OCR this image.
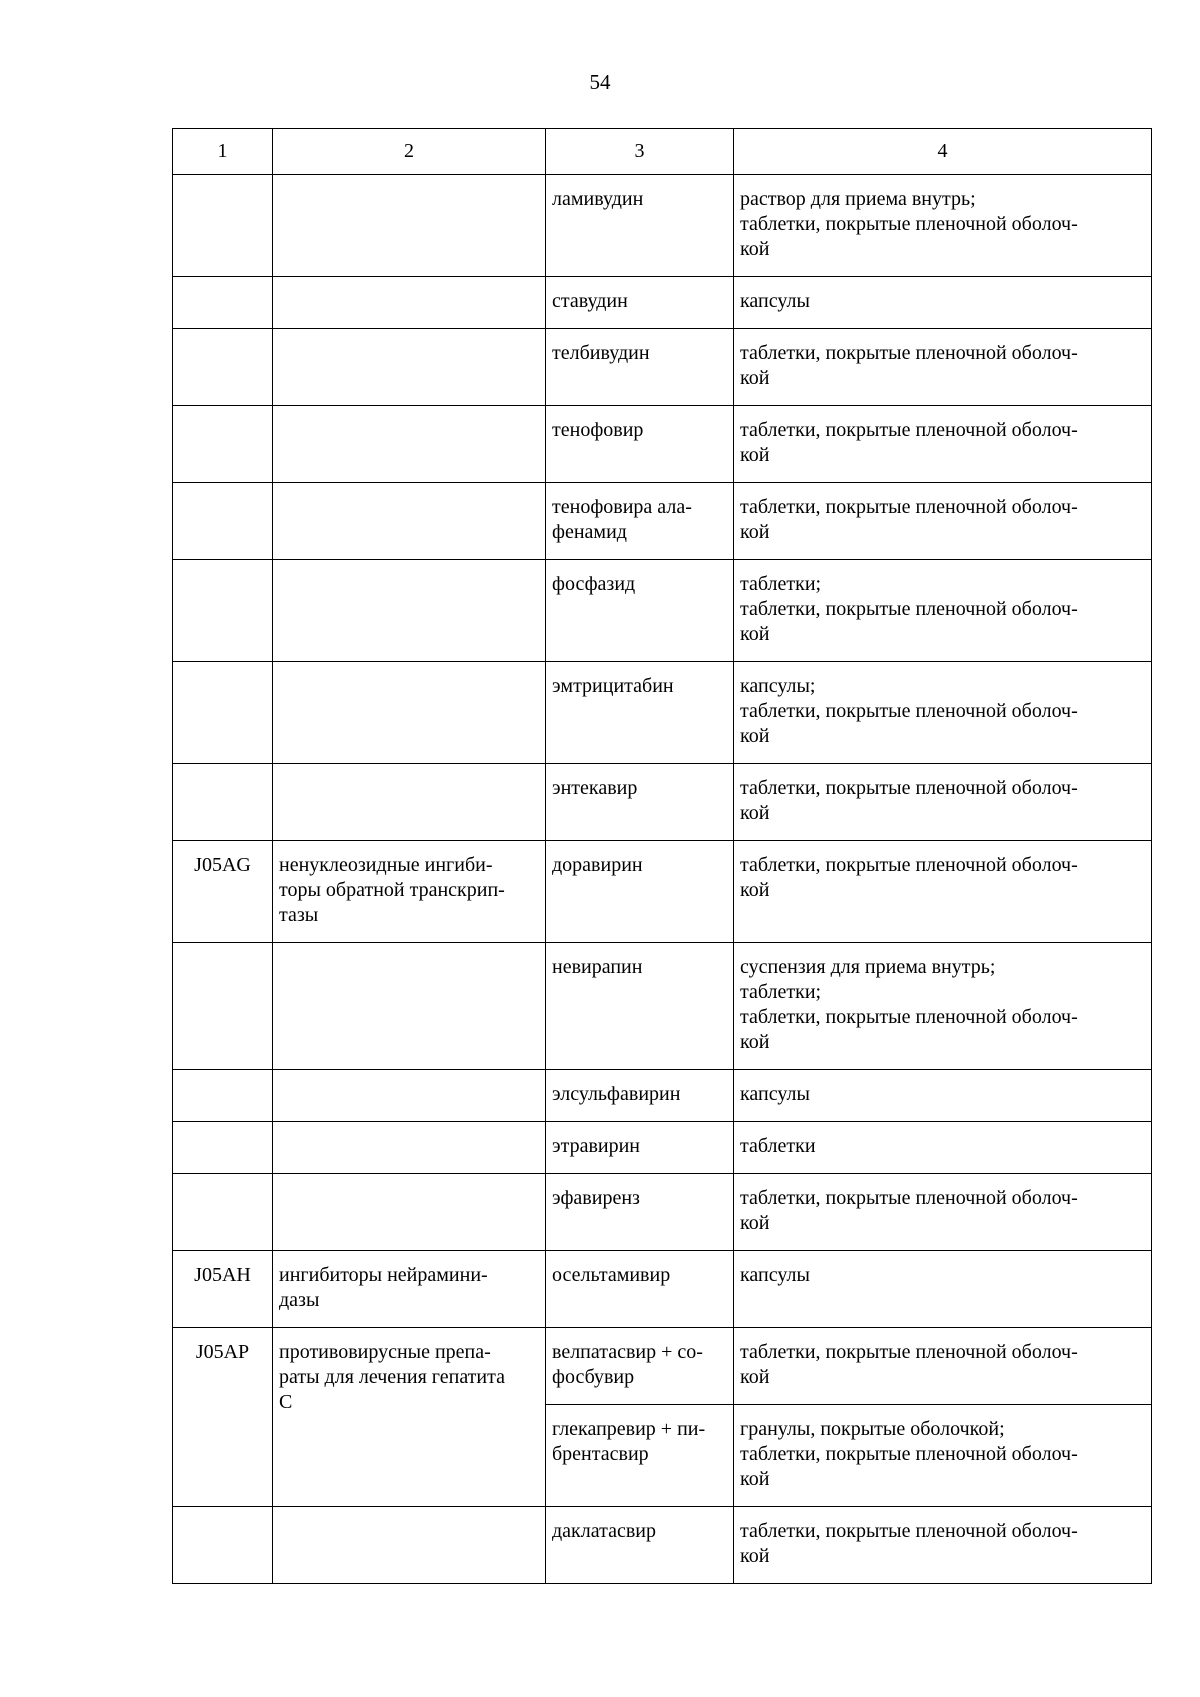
54
1	2	3	4

		ламивудин	раствор для приема внутрь;
таблетки, покрытые пленочной оболоч-
кой

		ставудин	капсулы

		телбивудин	таблетки, покрытые пленочной оболоч-
кой

		тенофовир	таблетки, покрытые пленочной оболоч-
кой

		тенофовира ала-
фенамид	таблетки, покрытые пленочной оболоч-
кой

		фосфазид	таблетки;
таблетки, покрытые пленочной оболоч-
кой

		эмтрицитабин	капсулы;
таблетки, покрытые пленочной оболоч-
кой

		энтекавир	таблетки, покрытые пленочной оболоч-
кой

J05AG	ненуклеозидные ингиби-
торы обратной транскрип-
тазы	доравирин	таблетки, покрытые пленочной оболоч-
кой

		невирапин	суспензия для приема внутрь;
таблетки;
таблетки, покрытые пленочной оболоч-
кой

		элсульфавирин	капсулы

		этравирин	таблетки

		эфавиренз	таблетки, покрытые пленочной оболоч-
кой

J05AH	ингибиторы нейрамини-
дазы	осельтамивир	капсулы

J05AP	противовирусные препа-
раты для лечения гепатита
С	велпатасвир + со-
фосбувир	таблетки, покрытые пленочной оболоч-
кой

		глекапревир + пи-
брентасвир	гранулы, покрытые оболочкой;
таблетки, покрытые пленочной оболоч-
кой

		даклатасвир	таблетки, покрытые пленочной оболоч-
кой
